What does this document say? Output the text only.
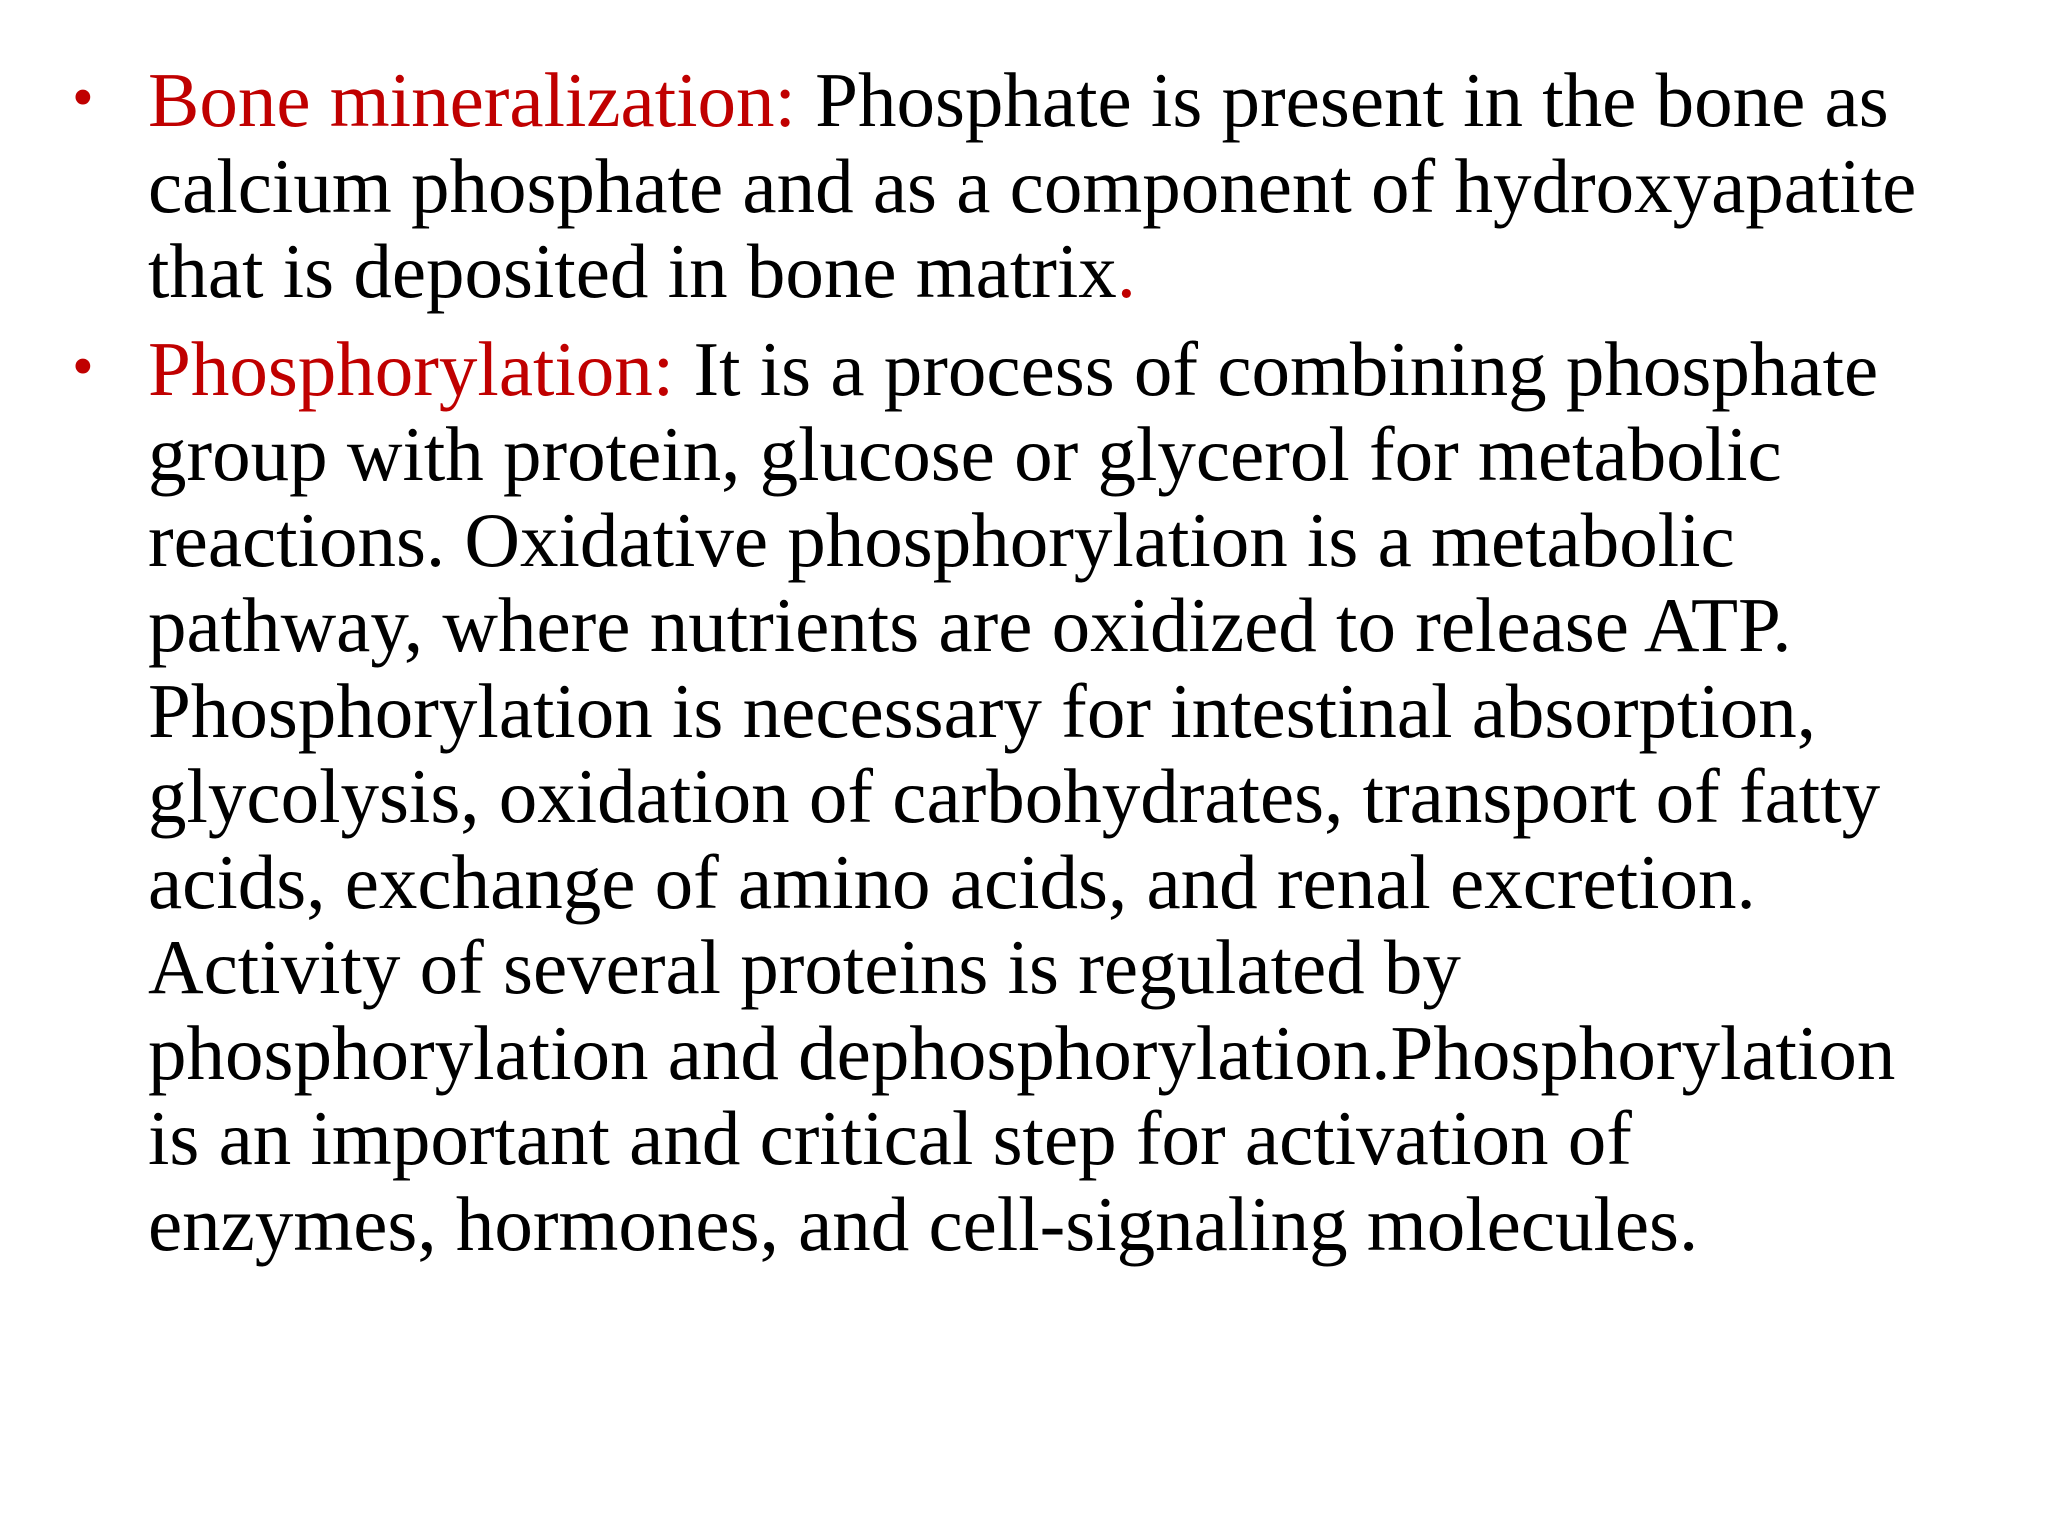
• Bone mineralization: Phosphate is present in the bone as
calcium phosphate and as a component of hydroxyapatite
that is deposited in bone matrix.
• Phosphorylation: It is a process of combining phosphate
group with protein, glucose or glycerol for metabolic
reactions. Oxidative phosphorylation is a metabolic
pathway, where nutrients are oxidized to release ATP.
Phosphorylation is necessary for intestinal absorption,
glycolysis, oxidation of carbohydrates, transport of fatty
acids, exchange of amino acids, and renal excretion.
Activity of several proteins is regulated by
phosphorylation and dephosphorylation.Phosphorylation
is an important and critical step for activation of
enzymes, hormones, and cell-signaling molecules.
